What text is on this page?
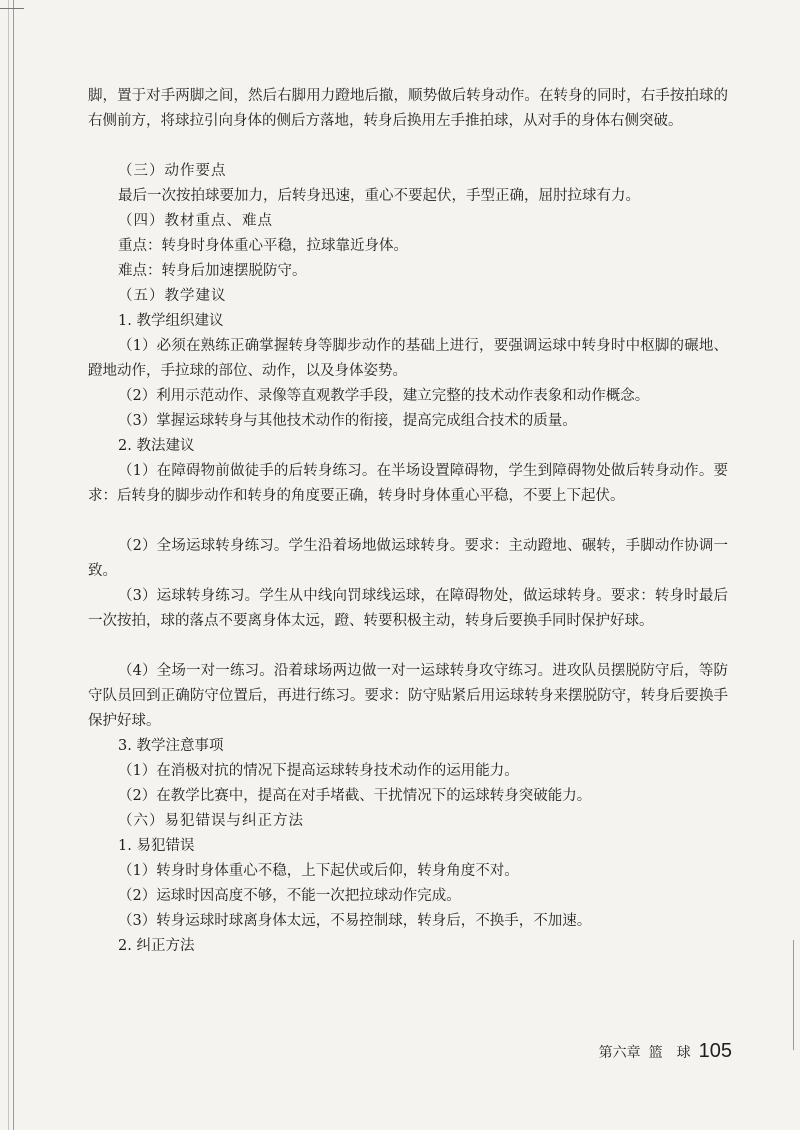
脚，置于对手两脚之间，然后右脚用力蹬地后撤，顺势做后转身动作。在转身的同时，右手按拍球的右侧前方，将球拉引向身体的侧后方落地，转身后换用左手推拍球，从对手的身体右侧突破。
（三）动作要点
最后一次按拍球要加力，后转身迅速，重心不要起伏，手型正确，屈肘拉球有力。
（四）教材重点、难点
重点：转身时身体重心平稳，拉球靠近身体。
难点：转身后加速摆脱防守。
（五）教学建议
1. 教学组织建议
（1）必须在熟练正确掌握转身等脚步动作的基础上进行，要强调运球中转身时中枢脚的碾地、蹬地动作，手拉球的部位、动作，以及身体姿势。
（2）利用示范动作、录像等直观教学手段，建立完整的技术动作表象和动作概念。
（3）掌握运球转身与其他技术动作的衔接，提高完成组合技术的质量。
2. 教法建议
（1）在障碍物前做徒手的后转身练习。在半场设置障碍物，学生到障碍物处做后转身动作。要求：后转身的脚步动作和转身的角度要正确，转身时身体重心平稳，不要上下起伏。
（2）全场运球转身练习。学生沿着场地做运球转身。要求：主动蹬地、碾转，手脚动作协调一致。
（3）运球转身练习。学生从中线向罚球线运球，在障碍物处，做运球转身。要求：转身时最后一次按拍，球的落点不要离身体太远，蹬、转要积极主动，转身后要换手同时保护好球。
（4）全场一对一练习。沿着球场两边做一对一运球转身攻守练习。进攻队员摆脱防守后，等防守队员回到正确防守位置后，再进行练习。要求：防守贴紧后用运球转身来摆脱防守，转身后要换手保护好球。
3. 教学注意事项
（1）在消极对抗的情况下提高运球转身技术动作的运用能力。
（2）在教学比赛中，提高在对手堵截、干扰情况下的运球转身突破能力。
（六）易犯错误与纠正方法
1. 易犯错误
（1）转身时身体重心不稳，上下起伏或后仰，转身角度不对。
（2）运球时因高度不够，不能一次把拉球动作完成。
（3）转身运球时球离身体太远，不易控制球，转身后，不换手，不加速。
2. 纠正方法
第六章 篮　球 105
